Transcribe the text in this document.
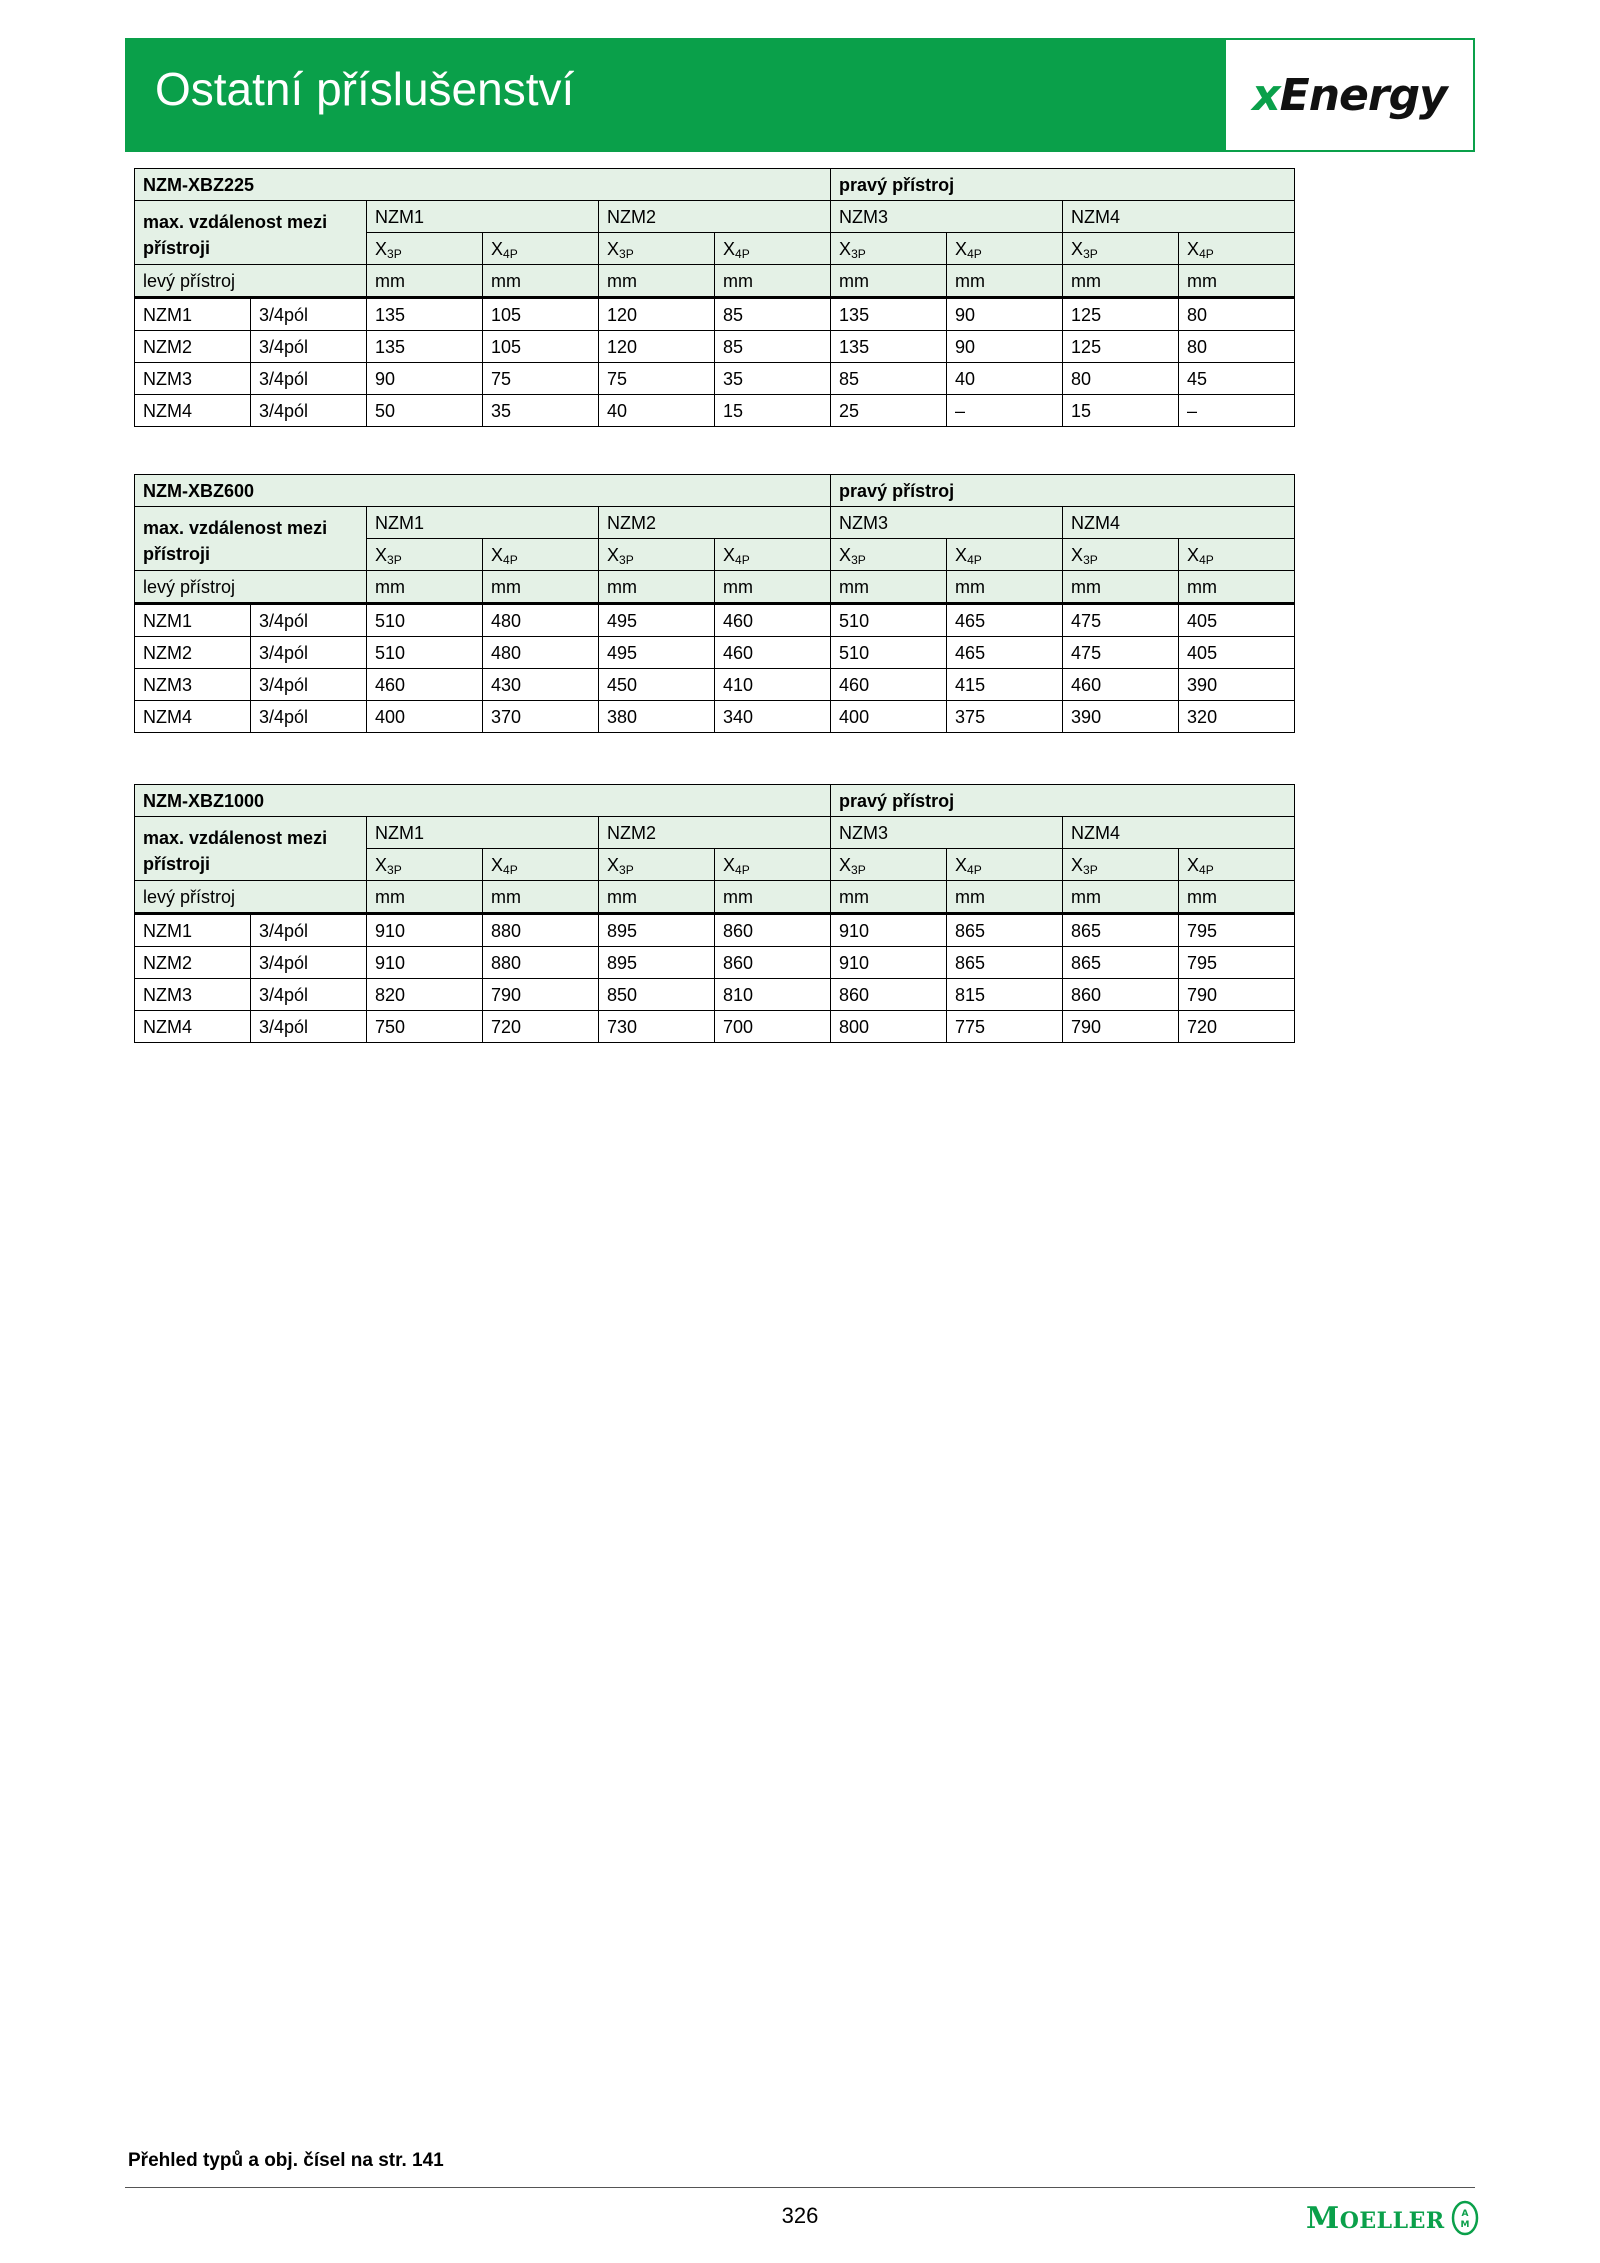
Ostatní příslušenství	xEnergy
NZM-XBZ225						pravý přístroj			
max. vzdálenost mezi přístroji		NZM1		NZM2		NZM3		NZM4	
		$X_{3P}$	$X_{4P}$	$X_{3P}$	$X_{4P}$	$X_{3P}$	$X_{4P}$	$X_{3P}$	$X_{4P}$
levý přístroj		mm	mm	mm	mm	mm	mm	mm	mm
NZM1	3/4pól	135	105	120	85	135	90	125	80
NZM2	3/4pól	135	105	120	85	135	90	125	80
NZM3	3/4pól	90	75	75	35	85	40	80	45
NZM4	3/4pól	50	35	40	15	25	–	15	–
NZM-XBZ600						pravý přístroj			
max. vzdálenost mezi přístroji		NZM1		NZM2		NZM3		NZM4	
		$X_{3P}$	$X_{4P}$	$X_{3P}$	$X_{4P}$	$X_{3P}$	$X_{4P}$	$X_{3P}$	$X_{4P}$
levý přístroj		mm	mm	mm	mm	mm	mm	mm	mm
NZM1	3/4pól	510	480	495	460	510	465	475	405
NZM2	3/4pól	510	480	495	460	510	465	475	405
NZM3	3/4pól	460	430	450	410	460	415	460	390
NZM4	3/4pól	400	370	380	340	400	375	390	320
NZM-XBZ1000						pravý přístroj			
max. vzdálenost mezi přístroji		NZM1		NZM2		NZM3		NZM4	
		$X_{3P}$	$X_{4P}$	$X_{3P}$	$X_{4P}$	$X_{3P}$	$X_{4P}$	$X_{3P}$	$X_{4P}$
levý přístroj		mm	mm	mm	mm	mm	mm	mm	mm
NZM1	3/4pól	910	880	895	860	910	865	865	795
NZM2	3/4pól	910	880	895	860	910	865	865	795
NZM3	3/4pól	820	790	850	810	860	815	860	790
NZM4	3/4pól	750	720	730	700	800	775	790	720
Přehled typů a obj. čísel na str. 141
326	MOELLER A
M
